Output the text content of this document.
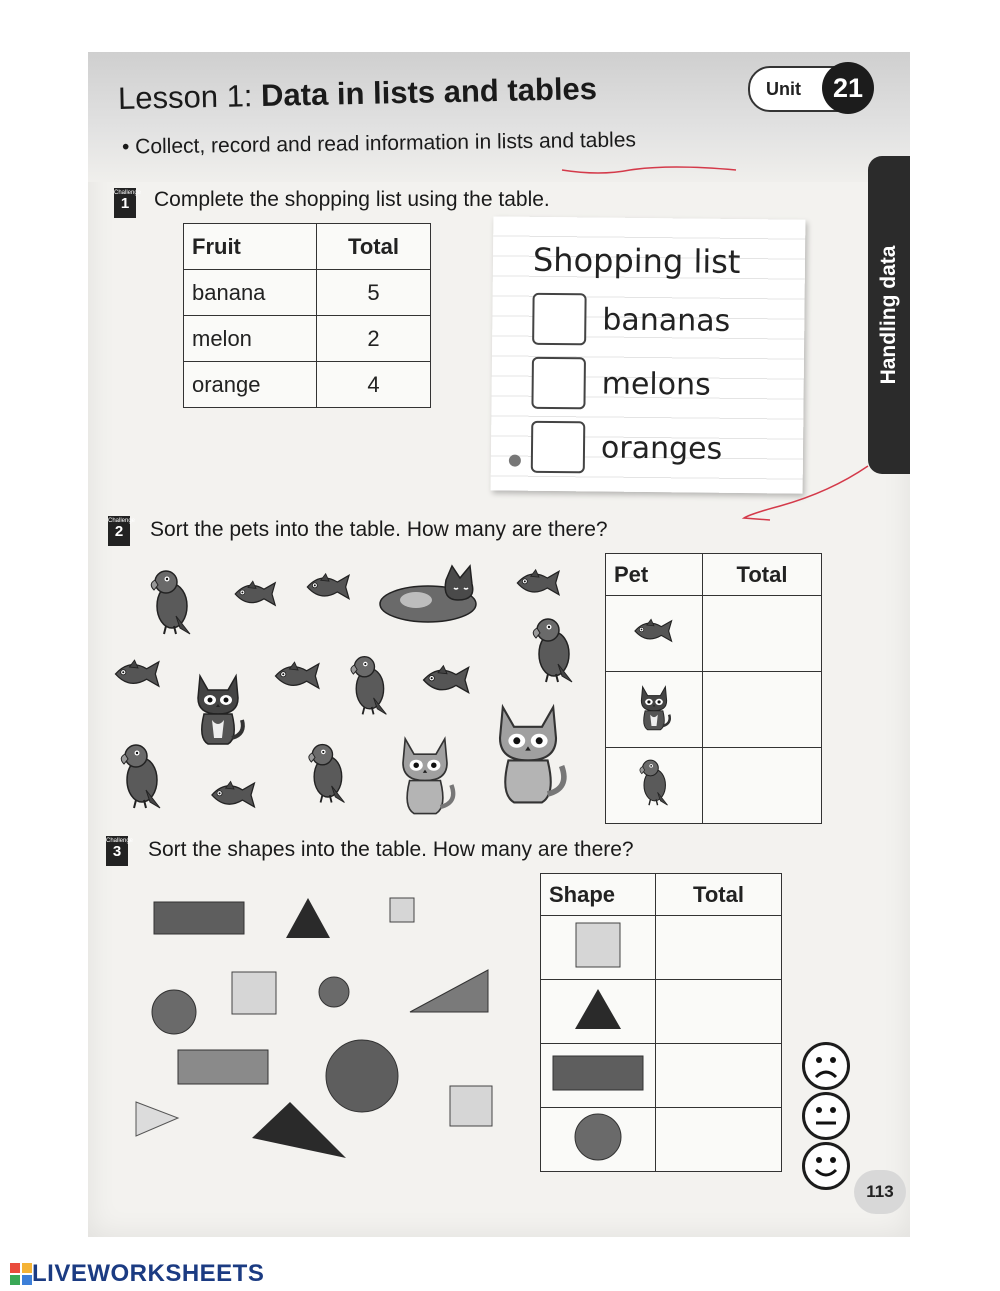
Lesson 1: Data in lists and tables
• Collect, record and read information in lists and tables
Unit	21
Handling data
Challenge
1	Complete the shopping list using the table.
Fruit	Total
banana	5
melon	2
orange	4
Shopping list
bananas
melons
oranges
Challenge
2	Sort the pets into the table. How many are there?
Pet	Total

Challenge
3	Sort the shapes into the table. How many are there?
Shape	Total

113
LIVEWORKSHEETS
